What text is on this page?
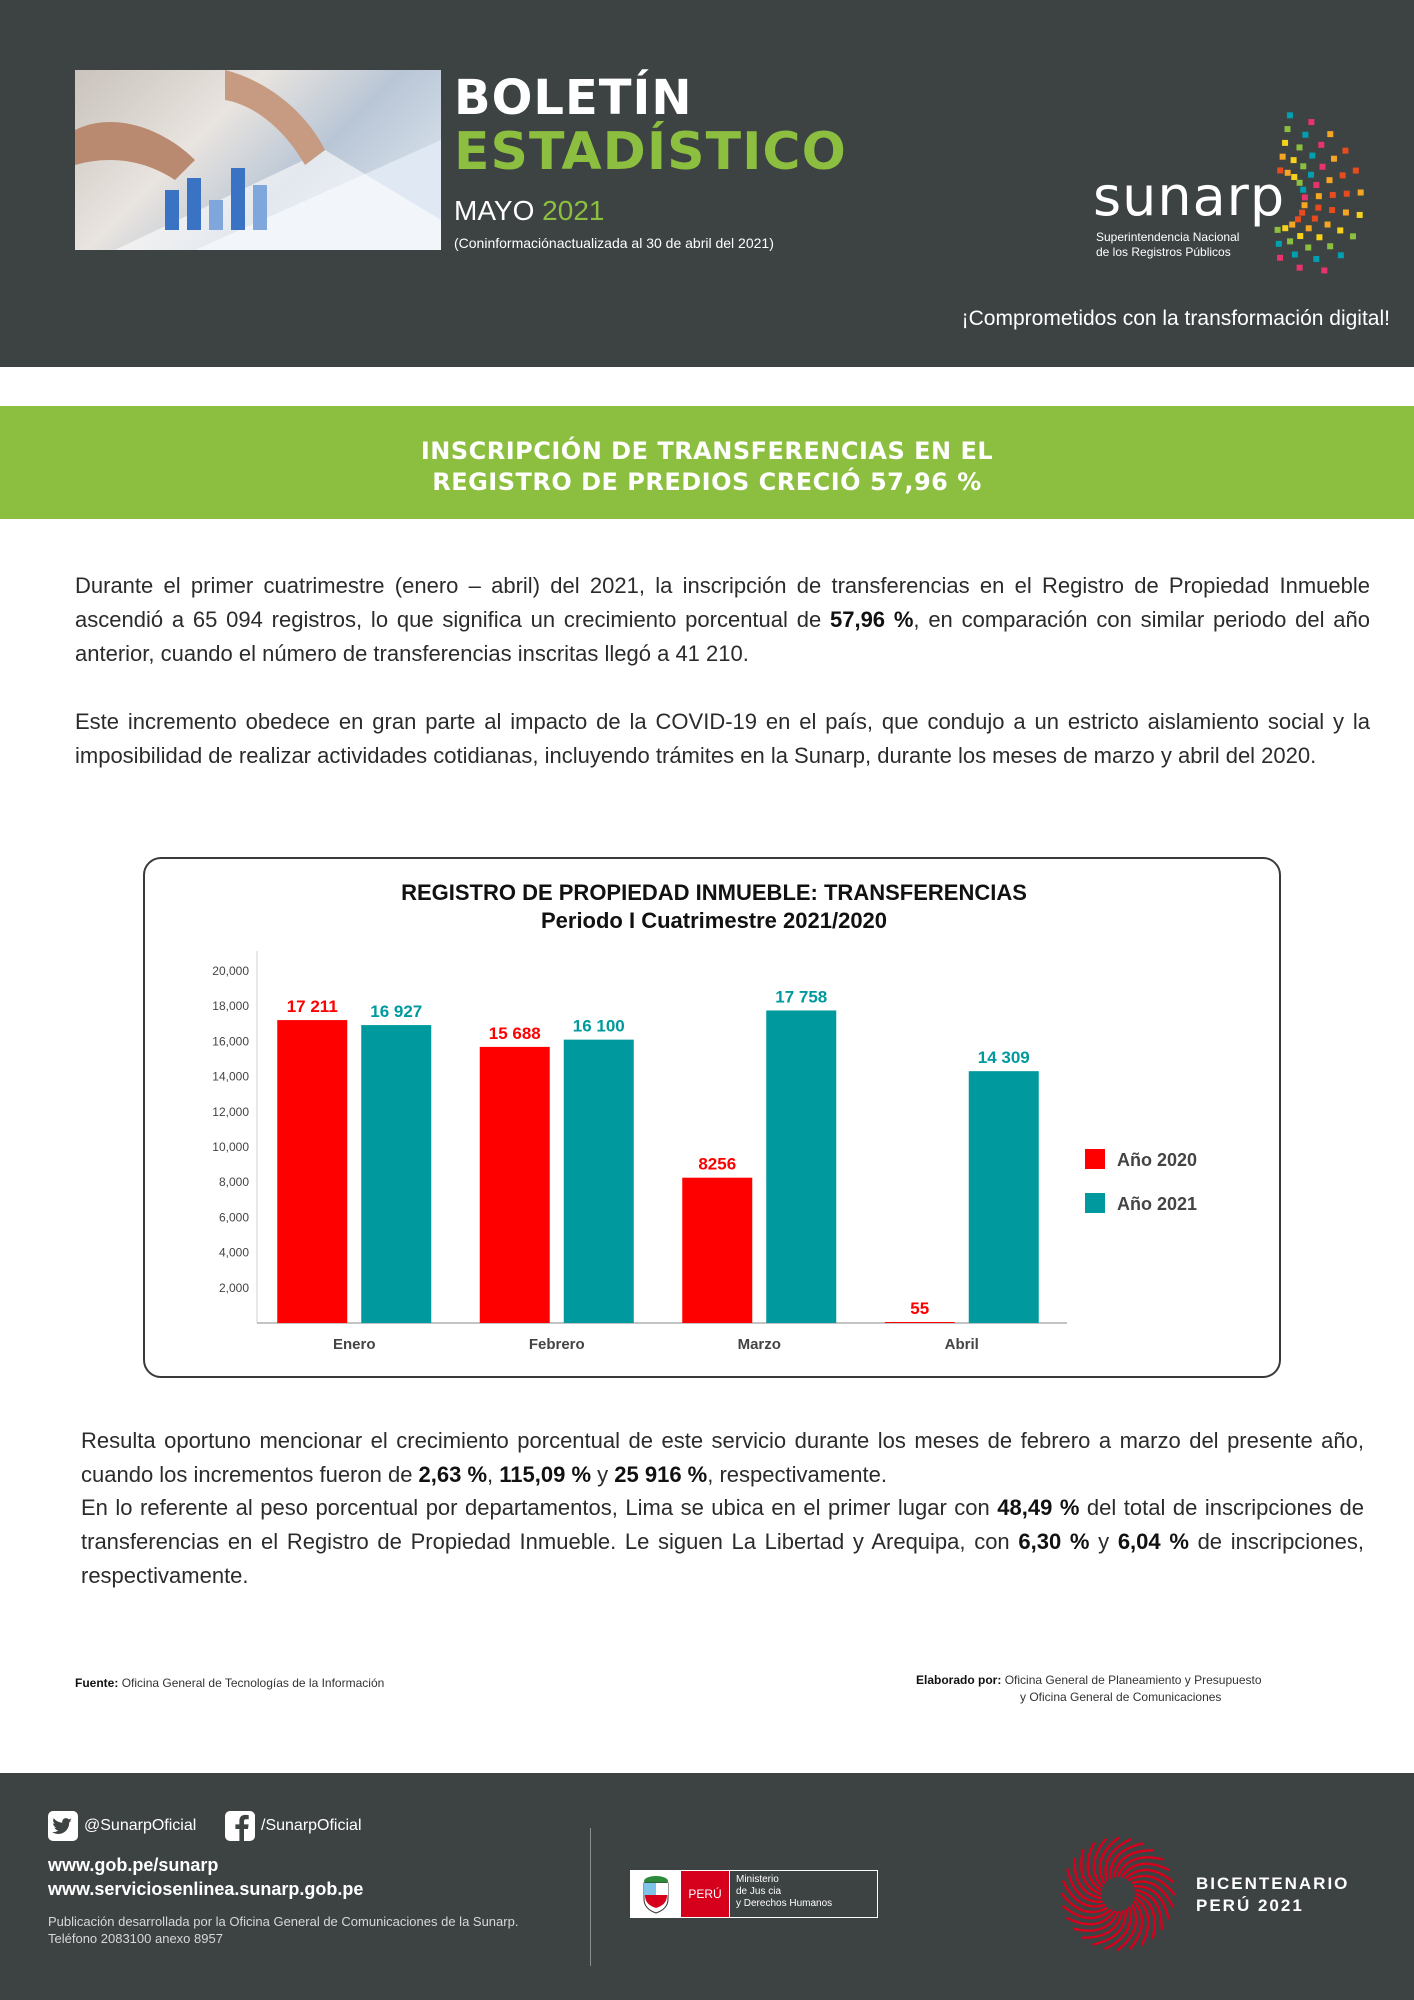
BOLETÍN
ESTADÍSTICO
MAYO 2021
(Coninformaciónactualizada al 30 de abril del 2021)
sunarp
Superintendencia Nacional
de los Registros Públicos
¡Comprometidos con la transformación digital!
INSCRIPCIÓN DE TRANSFERENCIAS EN EL
REGISTRO DE PREDIOS CRECIÓ 57,96 %

Durante el primer cuatrimestre (enero – abril) del 2021, la inscripción de transferencias en el Registro de Propiedad Inmueble ascendió a 65 094 registros, lo que significa un crecimiento porcentual de 57,96 %, en comparación con similar periodo del año anterior, cuando el número de transferencias inscritas llegó a 41 210.

Este incremento obedece en gran parte al impacto de la COVID-19 en el país, que condujo a un estricto aislamiento social y la imposibilidad de realizar actividades cotidianas, incluyendo trámites en la Sunarp, durante los meses de marzo y abril del 2020.

REGISTRO DE PROPIEDAD INMUEBLE: TRANSFERENCIAS
Periodo I Cuatrimestre 2021/2020
2,000
4,000
6,000
8,000
10,000
12,000
14,000
16,000
18,000
20,000
17 211 16 927
Enero
15 688 16 100
Febrero
8256
17 758
Marzo
55
14 309
Abril
Año 2020
Año 2021

Resulta oportuno mencionar el crecimiento porcentual de este servicio durante los meses de febrero a marzo del presente año, cuando los incrementos fueron de 2,63 %, 115,09 % y 25 916 %, respectivamente.

En lo referente al peso porcentual por departamentos, Lima se ubica en el primer lugar con 48,49 % del total de inscripciones de transferencias en el Registro de Propiedad Inmueble. Le siguen La Libertad y Arequipa, con 6,30 % y 6,04 % de inscripciones, respectivamente.

Fuente: Oficina General de Tecnologías de la Información	Elaborado por: Oficina General de Planeamiento y Presupuesto
y Oficina General de Comunicaciones
@SunarpOficial	/SunarpOficial
www.gob.pe/sunarp
www.serviciosenlinea.sunarp.gob.pe
Publicación desarrollada por la Oficina General de Comunicaciones de la Sunarp.
Teléfono 2083100 anexo 8957
PERÚ
Ministerio
de Jus cia
y Derechos Humanos
BICENTENARIO
PERÚ 2021
